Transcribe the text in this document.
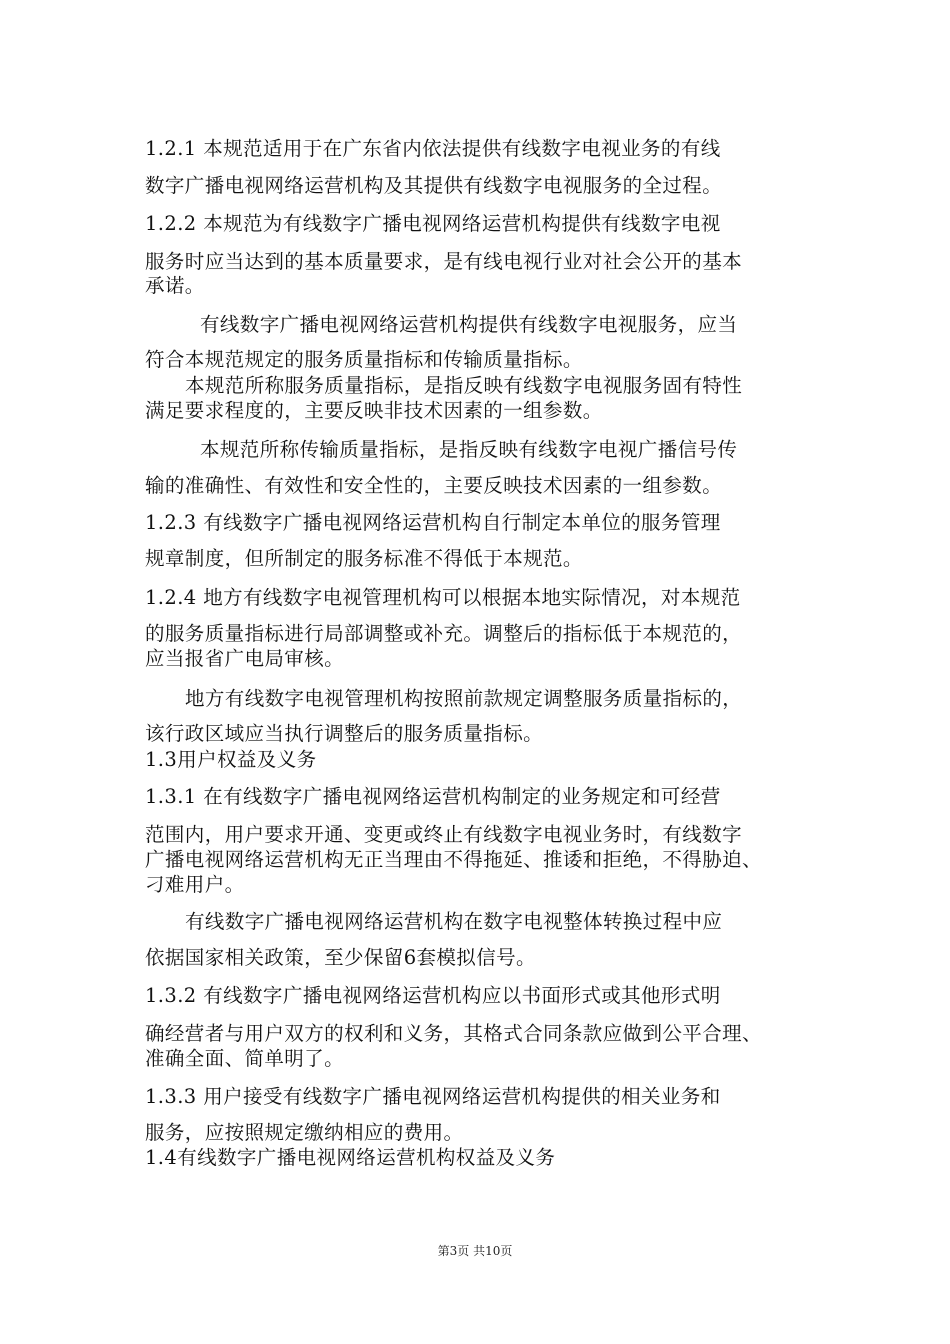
1.2.1 本规范适用于在广东省内依法提供有线数字电视业务的有线
数字广播电视网络运营机构及其提供有线数字电视服务的全过程。
1.2.2 本规范为有线数字广播电视网络运营机构提供有线数字电视
服务时应当达到的基本质量要求，是有线电视行业对社会公开的基本
承诺。
有线数字广播电视网络运营机构提供有线数字电视服务，应当
符合本规范规定的服务质量指标和传输质量指标。
本规范所称服务质量指标，是指反映有线数字电视服务固有特性
满足要求程度的，主要反映非技术因素的一组参数。
本规范所称传输质量指标，是指反映有线数字电视广播信号传
输的准确性、有效性和安全性的，主要反映技术因素的一组参数。
1.2.3 有线数字广播电视网络运营机构自行制定本单位的服务管理
规章制度，但所制定的服务标准不得低于本规范。
1.2.4 地方有线数字电视管理机构可以根据本地实际情况，对本规范
的服务质量指标进行局部调整或补充。调整后的指标低于本规范的，
应当报省广电局审核。
地方有线数字电视管理机构按照前款规定调整服务质量指标的，
该行政区域应当执行调整后的服务质量指标。
1.3用户权益及义务
1.3.1 在有线数字广播电视网络运营机构制定的业务规定和可经营
范围内，用户要求开通、变更或终止有线数字电视业务时，有线数字
广播电视网络运营机构无正当理由不得拖延、推诿和拒绝，不得胁迫、
刁难用户。
有线数字广播电视网络运营机构在数字电视整体转换过程中应
依据国家相关政策，至少保留6套模拟信号。
1.3.2 有线数字广播电视网络运营机构应以书面形式或其他形式明
确经营者与用户双方的权利和义务，其格式合同条款应做到公平合理、
准确全面、简单明了。
1.3.3 用户接受有线数字广播电视网络运营机构提供的相关业务和
服务，应按照规定缴纳相应的费用。
1.4有线数字广播电视网络运营机构权益及义务
第3页 共10页
